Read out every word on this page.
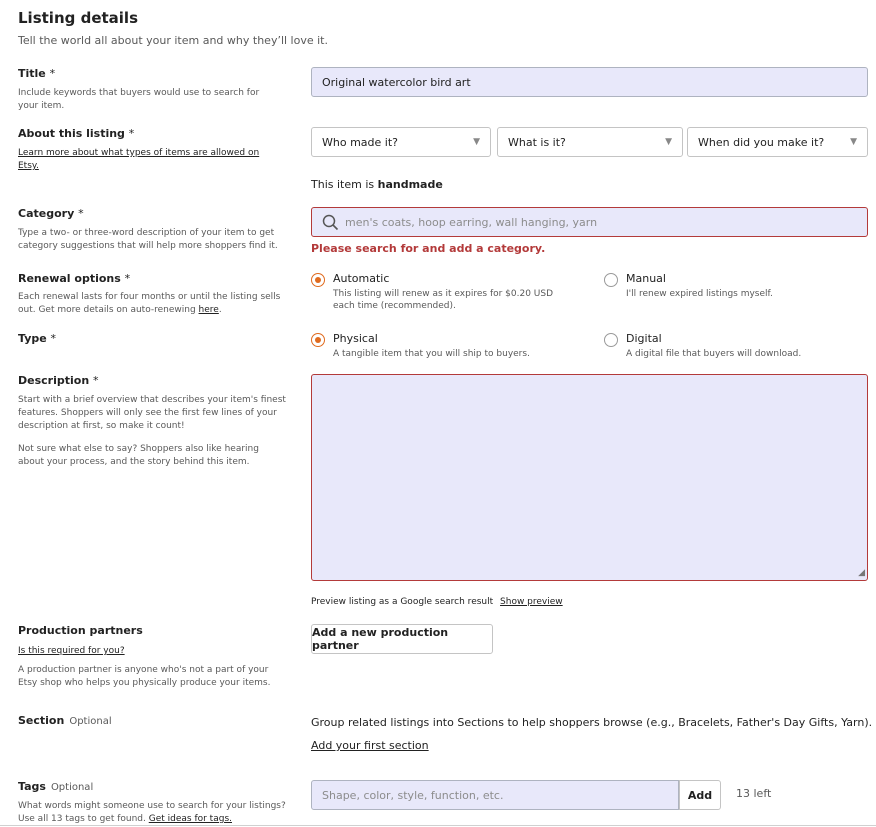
Listing details
Tell the world all about your item and why they’ll love it.
Title *
Include keywords that buyers would use to search for your item.
Original watercolor bird art
About this listing *
Learn more about what types of items are allowed on Etsy.
Who made it?	▼	What is it?	▼ When did you make it?	▼
This item is handmade
Category *
Type a two- or three-word description of your item to get category suggestions that will help more shoppers find it.
men's coats, hoop earring, wall hanging, yarn
Please search for and add a category.
Renewal options *
Each renewal lasts for four months or until the listing sells out. Get more details on auto-renewing here.
Automatic
This listing will renew as it expires for $0.20 USD each time (recommended).
Manual
I'll renew expired listings myself.
Type *	Physical
A tangible item that you will ship to buyers.
Digital
A digital file that buyers will download.
Description *

Start with a brief overview that describes your item's finest features. Shoppers will only see the first few lines of your description at first, so make it count!

Not sure what else to say? Shoppers also like hearing about your process, and the story behind this item.

◢
Preview listing as a Google search result Show preview
Production partners
Is this required for you?
A production partner is anyone who's not a part of your Etsy shop who helps you physically produce your items.
Add a new production partner
Section Optional	Group related listings into Sections to help shoppers browse (e.g., Bracelets, Father's Day Gifts, Yarn).
Add your first section
Tags Optional
What words might someone use to search for your listings? Use all 13 tags to get found. Get ideas for tags.
Shape, color, style, function, etc.	Add	13 left
